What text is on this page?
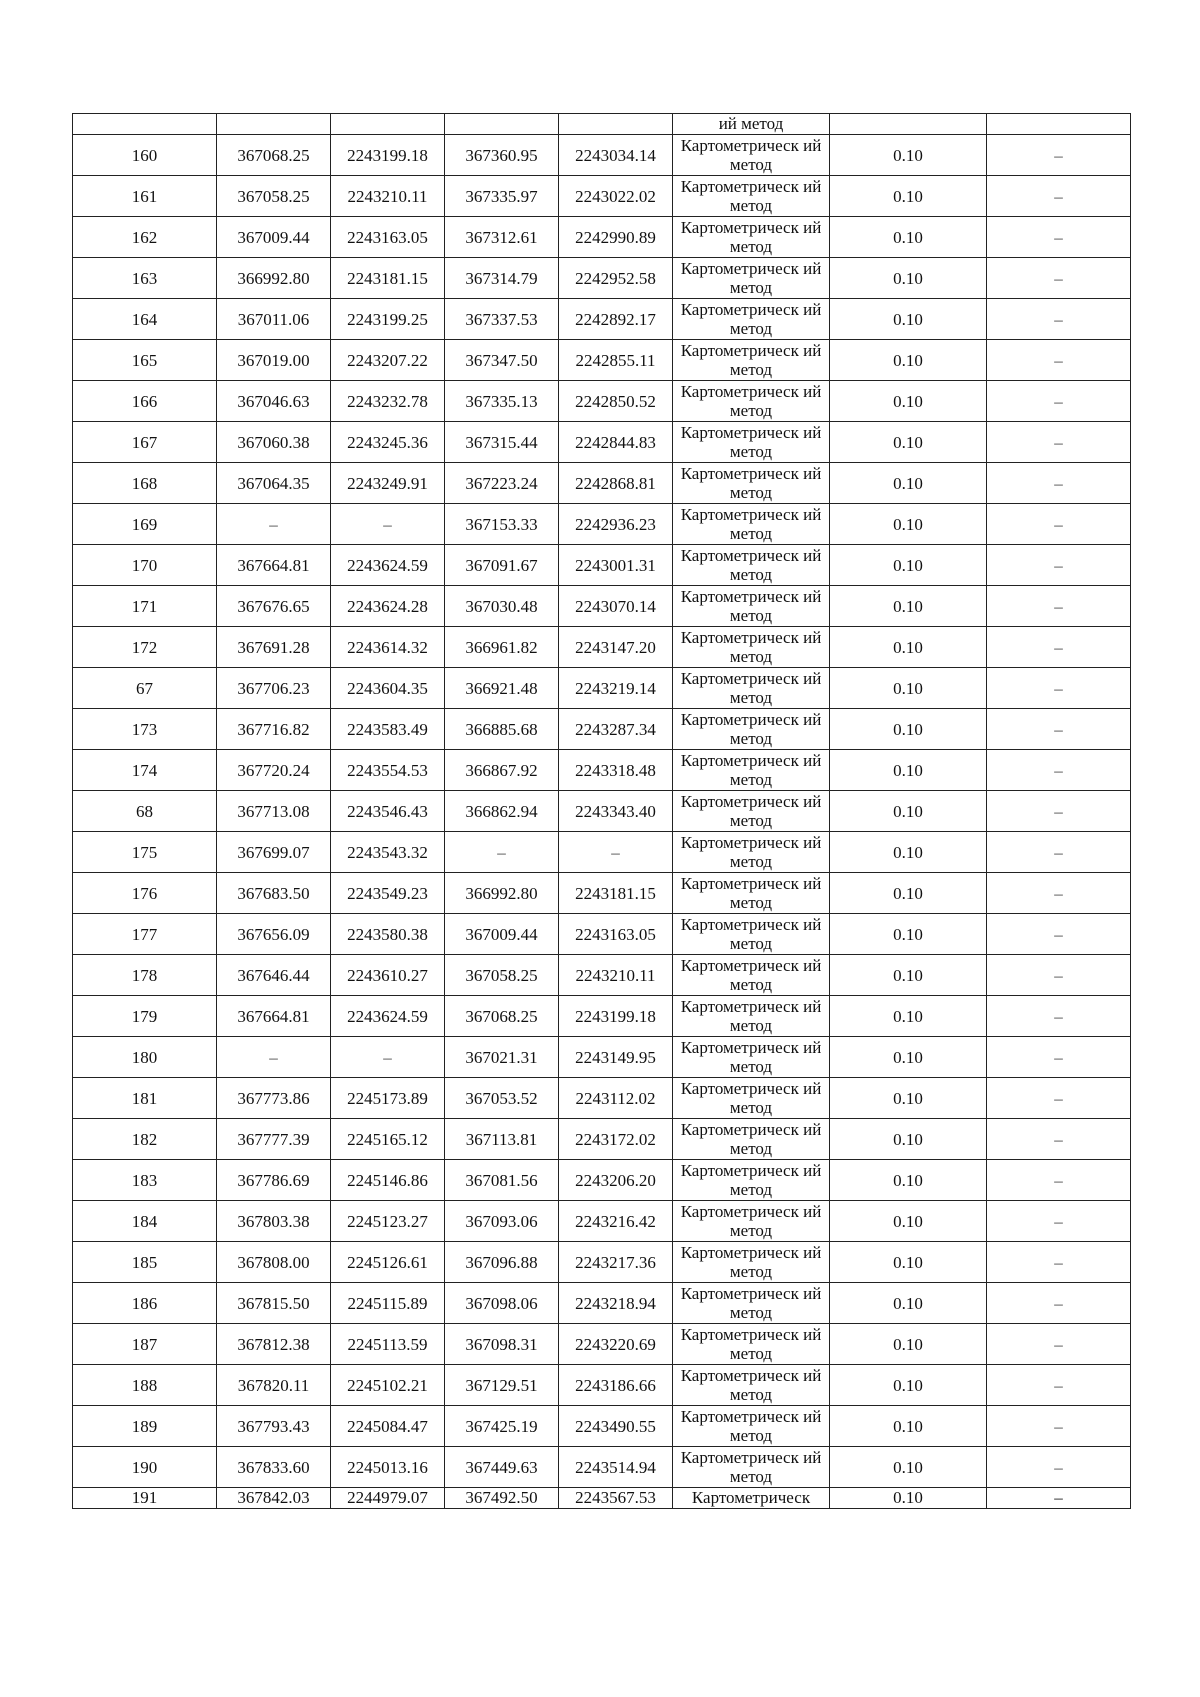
					ий метод		
160	367068.25	2243199.18	367360.95	2243034.14	Картометрическ ий метод	0.10	–
161	367058.25	2243210.11	367335.97	2243022.02	Картометрическ ий метод	0.10	–
162	367009.44	2243163.05	367312.61	2242990.89	Картометрическ ий метод	0.10	–
163	366992.80	2243181.15	367314.79	2242952.58	Картометрическ ий метод	0.10	–
164	367011.06	2243199.25	367337.53	2242892.17	Картометрическ ий метод	0.10	–
165	367019.00	2243207.22	367347.50	2242855.11	Картометрическ ий метод	0.10	–
166	367046.63	2243232.78	367335.13	2242850.52	Картометрическ ий метод	0.10	–
167	367060.38	2243245.36	367315.44	2242844.83	Картометрическ ий метод	0.10	–
168	367064.35	2243249.91	367223.24	2242868.81	Картометрическ ий метод	0.10	–
169	–	–	367153.33	2242936.23	Картометрическ ий метод	0.10	–
170	367664.81	2243624.59	367091.67	2243001.31	Картометрическ ий метод	0.10	–
171	367676.65	2243624.28	367030.48	2243070.14	Картометрическ ий метод	0.10	–
172	367691.28	2243614.32	366961.82	2243147.20	Картометрическ ий метод	0.10	–
67	367706.23	2243604.35	366921.48	2243219.14	Картометрическ ий метод	0.10	–
173	367716.82	2243583.49	366885.68	2243287.34	Картометрическ ий метод	0.10	–
174	367720.24	2243554.53	366867.92	2243318.48	Картометрическ ий метод	0.10	–
68	367713.08	2243546.43	366862.94	2243343.40	Картометрическ ий метод	0.10	–
175	367699.07	2243543.32	–	–	Картометрическ ий метод	0.10	–
176	367683.50	2243549.23	366992.80	2243181.15	Картометрическ ий метод	0.10	–
177	367656.09	2243580.38	367009.44	2243163.05	Картометрическ ий метод	0.10	–
178	367646.44	2243610.27	367058.25	2243210.11	Картометрическ ий метод	0.10	–
179	367664.81	2243624.59	367068.25	2243199.18	Картометрическ ий метод	0.10	–
180	–	–	367021.31	2243149.95	Картометрическ ий метод	0.10	–
181	367773.86	2245173.89	367053.52	2243112.02	Картометрическ ий метод	0.10	–
182	367777.39	2245165.12	367113.81	2243172.02	Картометрическ ий метод	0.10	–
183	367786.69	2245146.86	367081.56	2243206.20	Картометрическ ий метод	0.10	–
184	367803.38	2245123.27	367093.06	2243216.42	Картометрическ ий метод	0.10	–
185	367808.00	2245126.61	367096.88	2243217.36	Картометрическ ий метод	0.10	–
186	367815.50	2245115.89	367098.06	2243218.94	Картометрическ ий метод	0.10	–
187	367812.38	2245113.59	367098.31	2243220.69	Картометрическ ий метод	0.10	–
188	367820.11	2245102.21	367129.51	2243186.66	Картометрическ ий метод	0.10	–
189	367793.43	2245084.47	367425.19	2243490.55	Картометрическ ий метод	0.10	–
190	367833.60	2245013.16	367449.63	2243514.94	Картометрическ ий метод	0.10	–
191	367842.03	2244979.07	367492.50	2243567.53	Картометрическ	0.10	–
